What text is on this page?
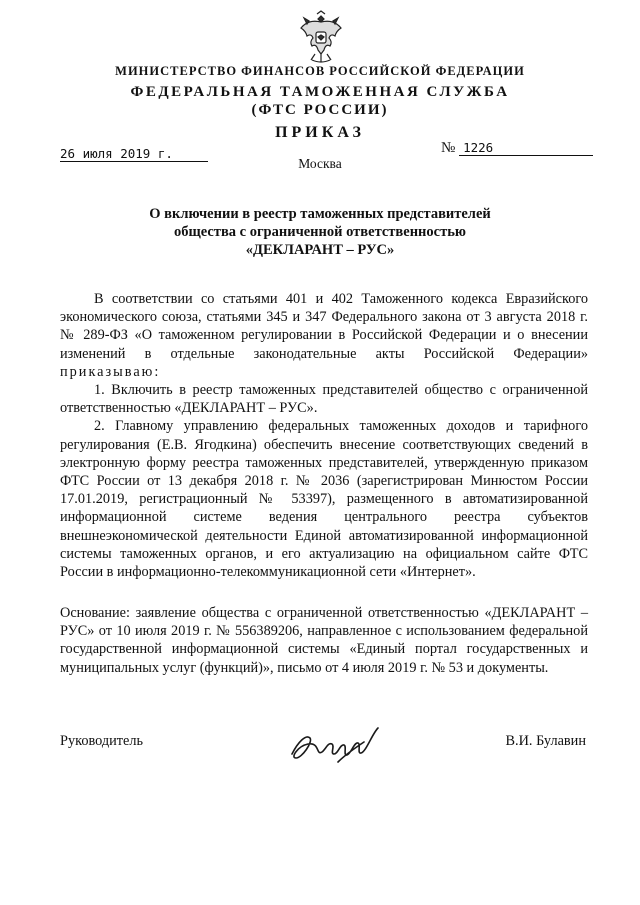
МИНИСТЕРСТВО ФИНАНСОВ РОССИЙСКОЙ ФЕДЕРАЦИИ
ФЕДЕРАЛЬНАЯ ТАМОЖЕННАЯ СЛУЖБА
(ФТС РОССИИ)
ПРИКАЗ
26 июля 2019 г.	№ 1226
Москва
О включении в реестр таможенных представителей
общества с ограниченной ответственностью
«ДЕКЛАРАНТ – РУС»

В соответствии со статьями 401 и 402 Таможенного кодекса Евразийского экономического союза, статьями 345 и 347 Федерального закона от 3 августа 2018 г. № 289-ФЗ «О таможенном регулировании в Российской Федерации и о внесении изменений в отдельные законодательные акты Российской Федерации» приказываю:

1. Включить в реестр таможенных представителей общество с ограниченной ответственностью «ДЕКЛАРАНТ – РУС».

2. Главному управлению федеральных таможенных доходов и тарифного регулирования (Е.В. Ягодкина) обеспечить внесение соответствующих сведений в электронную форму реестра таможенных представителей, утвержденную приказом ФТС России от 13 декабря 2018 г. № 2036 (зарегистрирован Минюстом России 17.01.2019, регистрационный № 53397), размещенного в автоматизированной информационной системе ведения центрального реестра субъектов внешнеэкономической деятельности Единой автоматизированной информационной системы таможенных органов, и его актуализацию на официальном сайте ФТС России в информационно-телекоммуникационной сети «Интернет».

Основание: заявление общества с ограниченной ответственностью «ДЕКЛАРАНТ – РУС» от 10 июля 2019 г. № 556389206, направленное с использованием федеральной государственной информационной системы «Единый портал государственных и муниципальных услуг (функций)», письмо от 4 июля 2019 г. № 53 и документы.
Руководитель	В.И. Булавин
